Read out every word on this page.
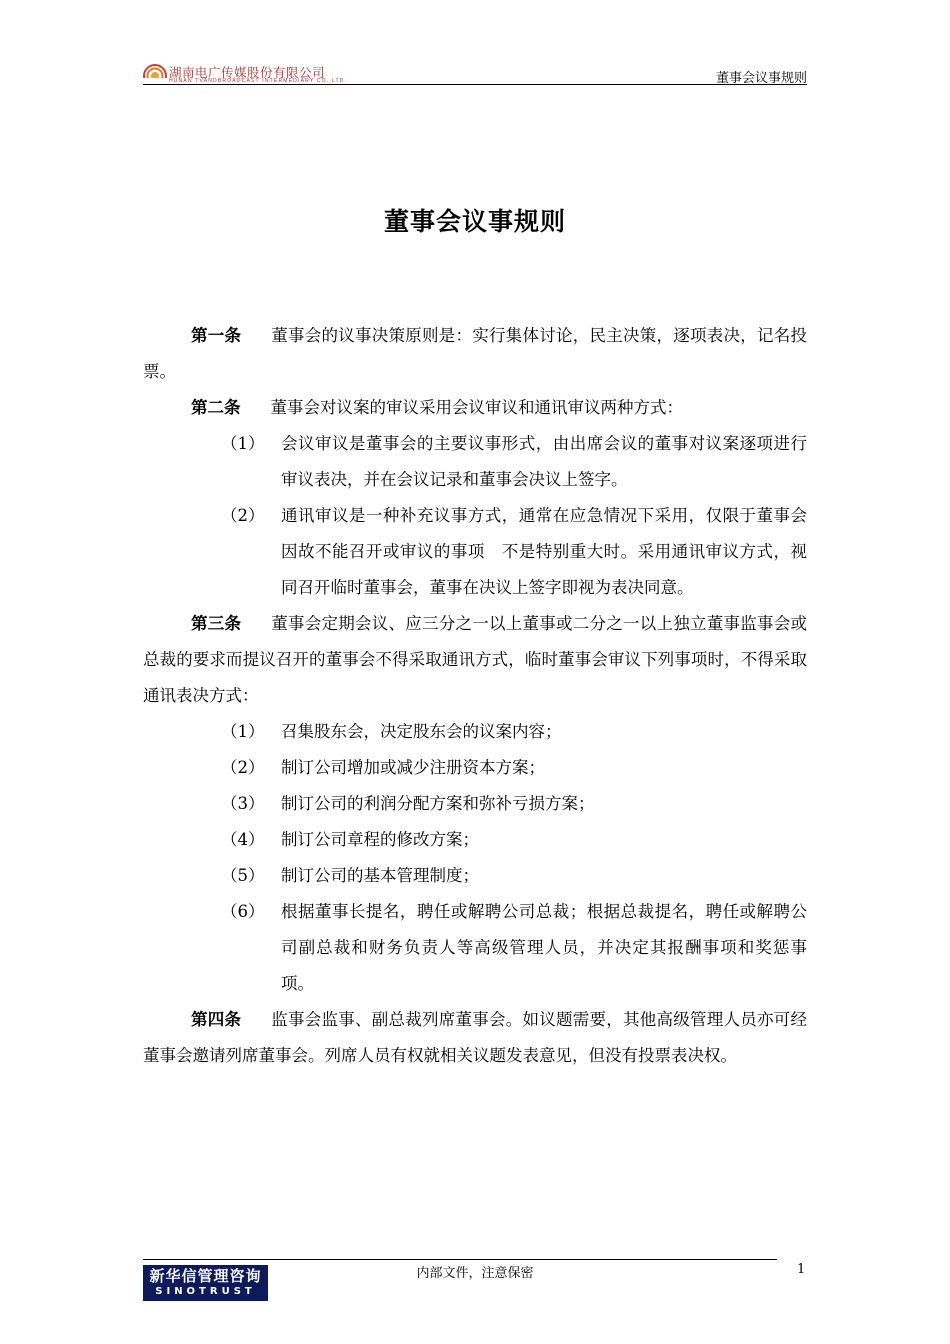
湖南电广传媒股份有限公司
HUNAN TVANDBROADCAST INTERMEDIARY CO.,LTD.	董事会议事规则
董事会议事规则

第一条 董事会的议事决策原则是：实行集体讨论，民主决策，逐项表决，记名投票。

第二条 董事会对议案的审议采用会议审议和通讯审议两种方式：

（1）	会议审议是董事会的主要议事形式，由出席会议的董事对议案逐项进行审议表决，并在会议记录和董事会决议上签字。
（2）	通讯审议是一种补充议事方式，通常在应急情况下采用，仅限于董事会因故不能召开或审议的事项　不是特别重大时。采用通讯审议方式，视同召开临时董事会，董事在决议上签字即视为表决同意。

第三条 董事会定期会议、应三分之一以上董事或二分之一以上独立董事监事会或总裁的要求而提议召开的董事会不得采取通讯方式，临时董事会审议下列事项时，不得采取通讯表决方式：

（1）	召集股东会，决定股东会的议案内容；
（2）	制订公司增加或减少注册资本方案；
（3）	制订公司的利润分配方案和弥补亏损方案；
（4）	制订公司章程的修改方案；
（5）	制订公司的基本管理制度；
（6）	根据董事长提名，聘任或解聘公司总裁；根据总裁提名，聘任或解聘公司副总裁和财务负责人等高级管理人员，并决定其报酬事项和奖惩事项。

第四条 监事会监事、副总裁列席董事会。如议题需要，其他高级管理人员亦可经董事会邀请列席董事会。列席人员有权就相关议题发表意见，但没有投票表决权。

内部文件，注意保密	1
新华信管理咨询
SINOTRUST
